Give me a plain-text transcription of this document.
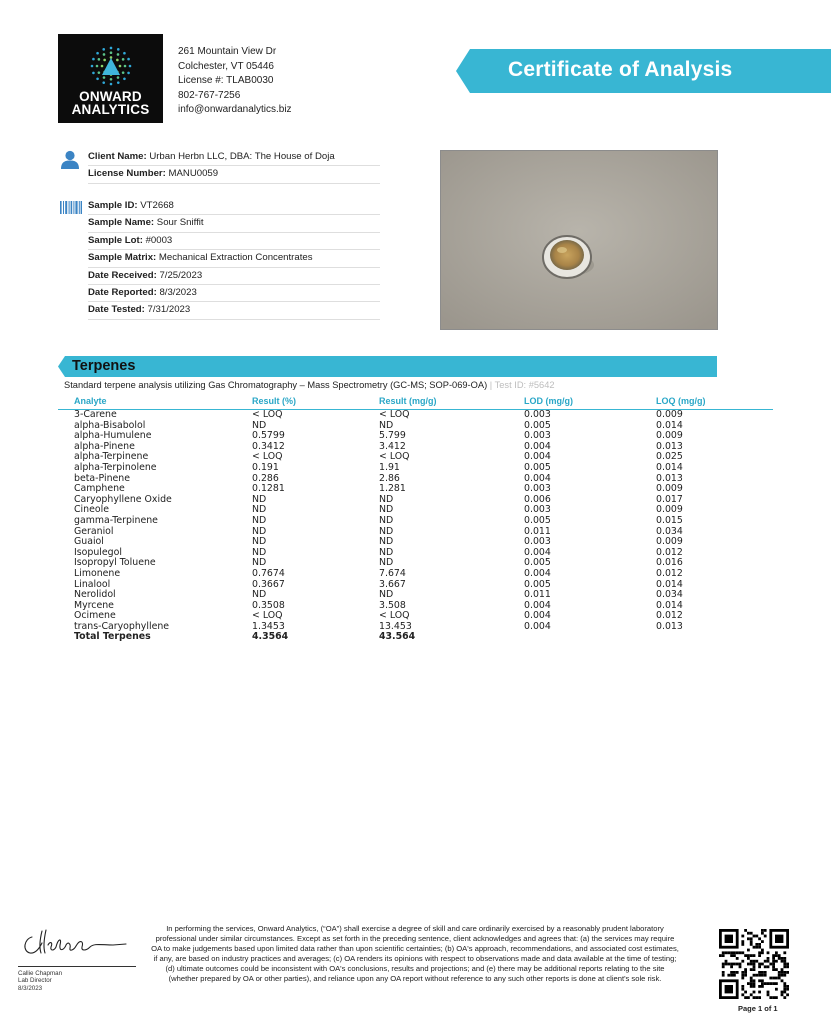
ONWARD
ANALYTICS
261 Mountain View Dr
Colchester, VT 05446
License #: TLAB0030
802-767-7256
info@onwardanalytics.biz
Certificate of Analysis
Client Name: Urban Herbn LLC, DBA: The House of Doja
License Number: MANU0059
Sample ID: VT2668
Sample Name: Sour Sniffit
Sample Lot: #0003
Sample Matrix: Mechanical Extraction Concentrates
Date Received: 7/25/2023
Date Reported: 8/3/2023
Date Tested: 7/31/2023
Terpenes
Standard terpene analysis utilizing Gas Chromatography – Mass Spectrometry (GC-MS; SOP-069-OA) | Test ID: #5642
Analyte	Result (%)	Result (mg/g)	LOD (mg/g)	LOQ (mg/g)
3-Carene	< LOQ	< LOQ	0.003	0.009
alpha-Bisabolol	ND	ND	0.005	0.014
alpha-Humulene	0.5799	5.799	0.003	0.009
alpha-Pinene	0.3412	3.412	0.004	0.013
alpha-Terpinene	< LOQ	< LOQ	0.004	0.025
alpha-Terpinolene	0.191	1.91	0.005	0.014
beta-Pinene	0.286	2.86	0.004	0.013
Camphene	0.1281	1.281	0.003	0.009
Caryophyllene Oxide	ND	ND	0.006	0.017
Cineole	ND	ND	0.003	0.009
gamma-Terpinene	ND	ND	0.005	0.015
Geraniol	ND	ND	0.011	0.034
Guaiol	ND	ND	0.003	0.009
Isopulegol	ND	ND	0.004	0.012
Isopropyl Toluene	ND	ND	0.005	0.016
Limonene	0.7674	7.674	0.004	0.012
Linalool	0.3667	3.667	0.005	0.014
Nerolidol	ND	ND	0.011	0.034
Myrcene	0.3508	3.508	0.004	0.014
Ocimene	< LOQ	< LOQ	0.004	0.012
trans-Caryophyllene	1.3453	13.453	0.004	0.013
Total Terpenes	4.3564	43.564
Callie Chapman
Lab Director
8/3/2023
In performing the services, Onward Analytics, (“OA”) shall exercise a degree of skill and care ordinarily exercised by a reasonably prudent laboratory professional under similar circumstances. Except as set forth in the preceding sentence, client acknowledges and agrees that: (a) the services may require OA to make judgements based upon limited data rather than upon scientific certainties; (b) OA's approach, recommendations, and associated cost estimates, if any, are based on industry practices and averages; (c) OA renders its opinions with respect to observations made and data available at the time of testing; (d) ultimate outcomes could be inconsistent with OA's conclusions, results and projections; and (e) there may be additional reports relating to the site (whether prepared by OA or other parties), and reliance upon any OA report without reference to any such other reports is done at client's sole risk.
Page 1 of 1
